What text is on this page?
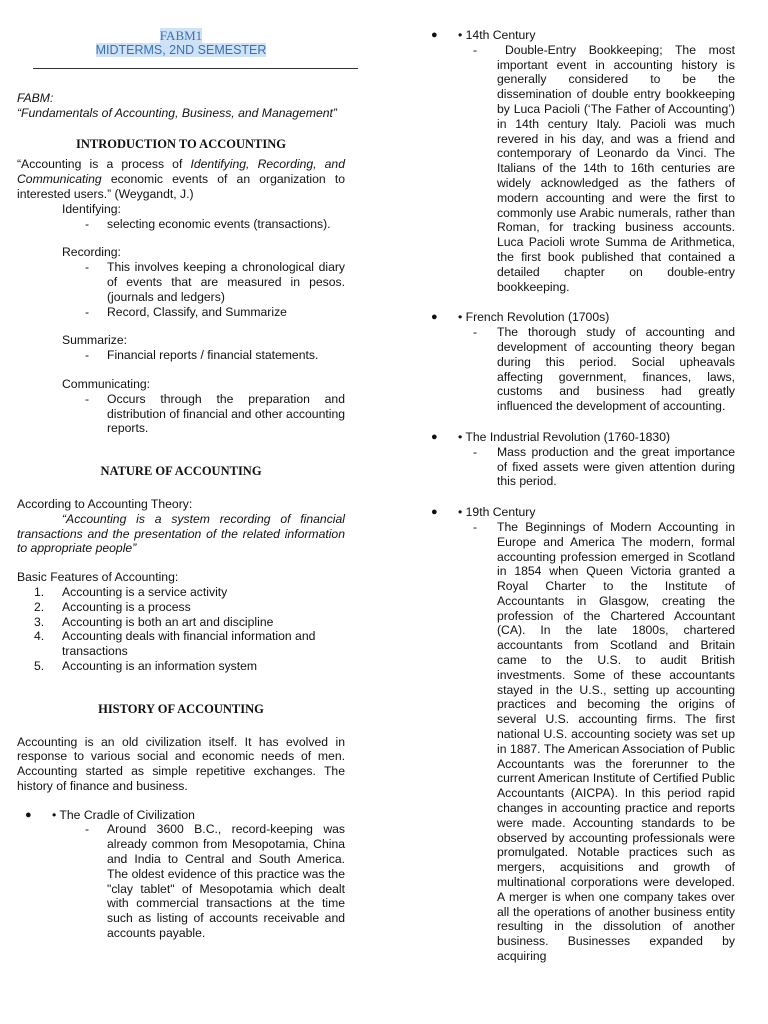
FABM1
MIDTERMS, 2ND SEMESTER
FABM:
“Fundamentals of Accounting, Business, and Management”
INTRODUCTION TO ACCOUNTING
“Accounting is a process of Identifying, Recording, and Communicating economic events of an organization to interested users.” (Weygandt, J.)
Identifying:
-	selecting economic events (transactions).
Recording:
-	This involves keeping a chronological diary of events that are measured in pesos. (journals and ledgers)
-	Record, Classify, and Summarize
Summarize:
-	Financial reports / financial statements.
Communicating:
-	Occurs through the preparation and distribution of financial and other accounting reports.
NATURE OF ACCOUNTING
According to Accounting Theory:
“Accounting is a system recording of financial transactions and the presentation of the related information to appropriate people”
Basic Features of Accounting:
1.	Accounting is a service activity
2.	Accounting is a process
3.	Accounting is both an art and discipline
4.	Accounting deals with financial information and transactions
5.	Accounting is an information system
HISTORY OF ACCOUNTING
Accounting is an old civilization itself. It has evolved in response to various social and economic needs of men. Accounting started as simple repetitive exchanges. The history of finance and business.
●	• The Cradle of Civilization
-	Around 3600 B.C., record-keeping was already common from Mesopotamia, China and India to Central and South America. The oldest evidence of this practice was the "clay tablet" of Mesopotamia which dealt with commercial transactions at the time such as listing of accounts receivable and accounts payable.
●	• 14th Century
-	Double-Entry Bookkeeping; The most important event in accounting history is generally considered to be the dissemination of double entry bookkeeping by Luca Pacioli (‘The Father of Accounting’) in 14th century Italy. Pacioli was much revered in his day, and was a friend and contemporary of Leonardo da Vinci. The Italians of the 14th to 16th centuries are widely acknowledged as the fathers of modern accounting and were the first to commonly use Arabic numerals, rather than Roman, for tracking business accounts. Luca Pacioli wrote Summa de Arithmetica, the first book published that contained a detailed chapter on double-entry bookkeeping.
●	• French Revolution (1700s)
-	The thorough study of accounting and development of accounting theory began during this period. Social upheavals affecting government, finances, laws, customs and business had greatly influenced the development of accounting.
●	• The Industrial Revolution (1760-1830)
-	Mass production and the great importance of fixed assets were given attention during this period.
●	• 19th Century
-	The Beginnings of Modern Accounting in Europe and America The modern, formal accounting profession emerged in Scotland in 1854 when Queen Victoria granted a Royal Charter to the Institute of Accountants in Glasgow, creating the profession of the Chartered Accountant (CA). In the late 1800s, chartered accountants from Scotland and Britain came to the U.S. to audit British investments. Some of these accountants stayed in the U.S., setting up accounting practices and becoming the origins of several U.S. accounting firms. The first national U.S. accounting society was set up in 1887. The American Association of Public Accountants was the forerunner to the current American Institute of Certified Public Accountants (AICPA). In this period rapid changes in accounting practice and reports were made. Accounting standards to be observed by accounting professionals were promulgated. Notable practices such as mergers, acquisitions and growth of multinational corporations were developed. A merger is when one company takes over all the operations of another business entity resulting in the dissolution of another business. Businesses expanded by acquiring
